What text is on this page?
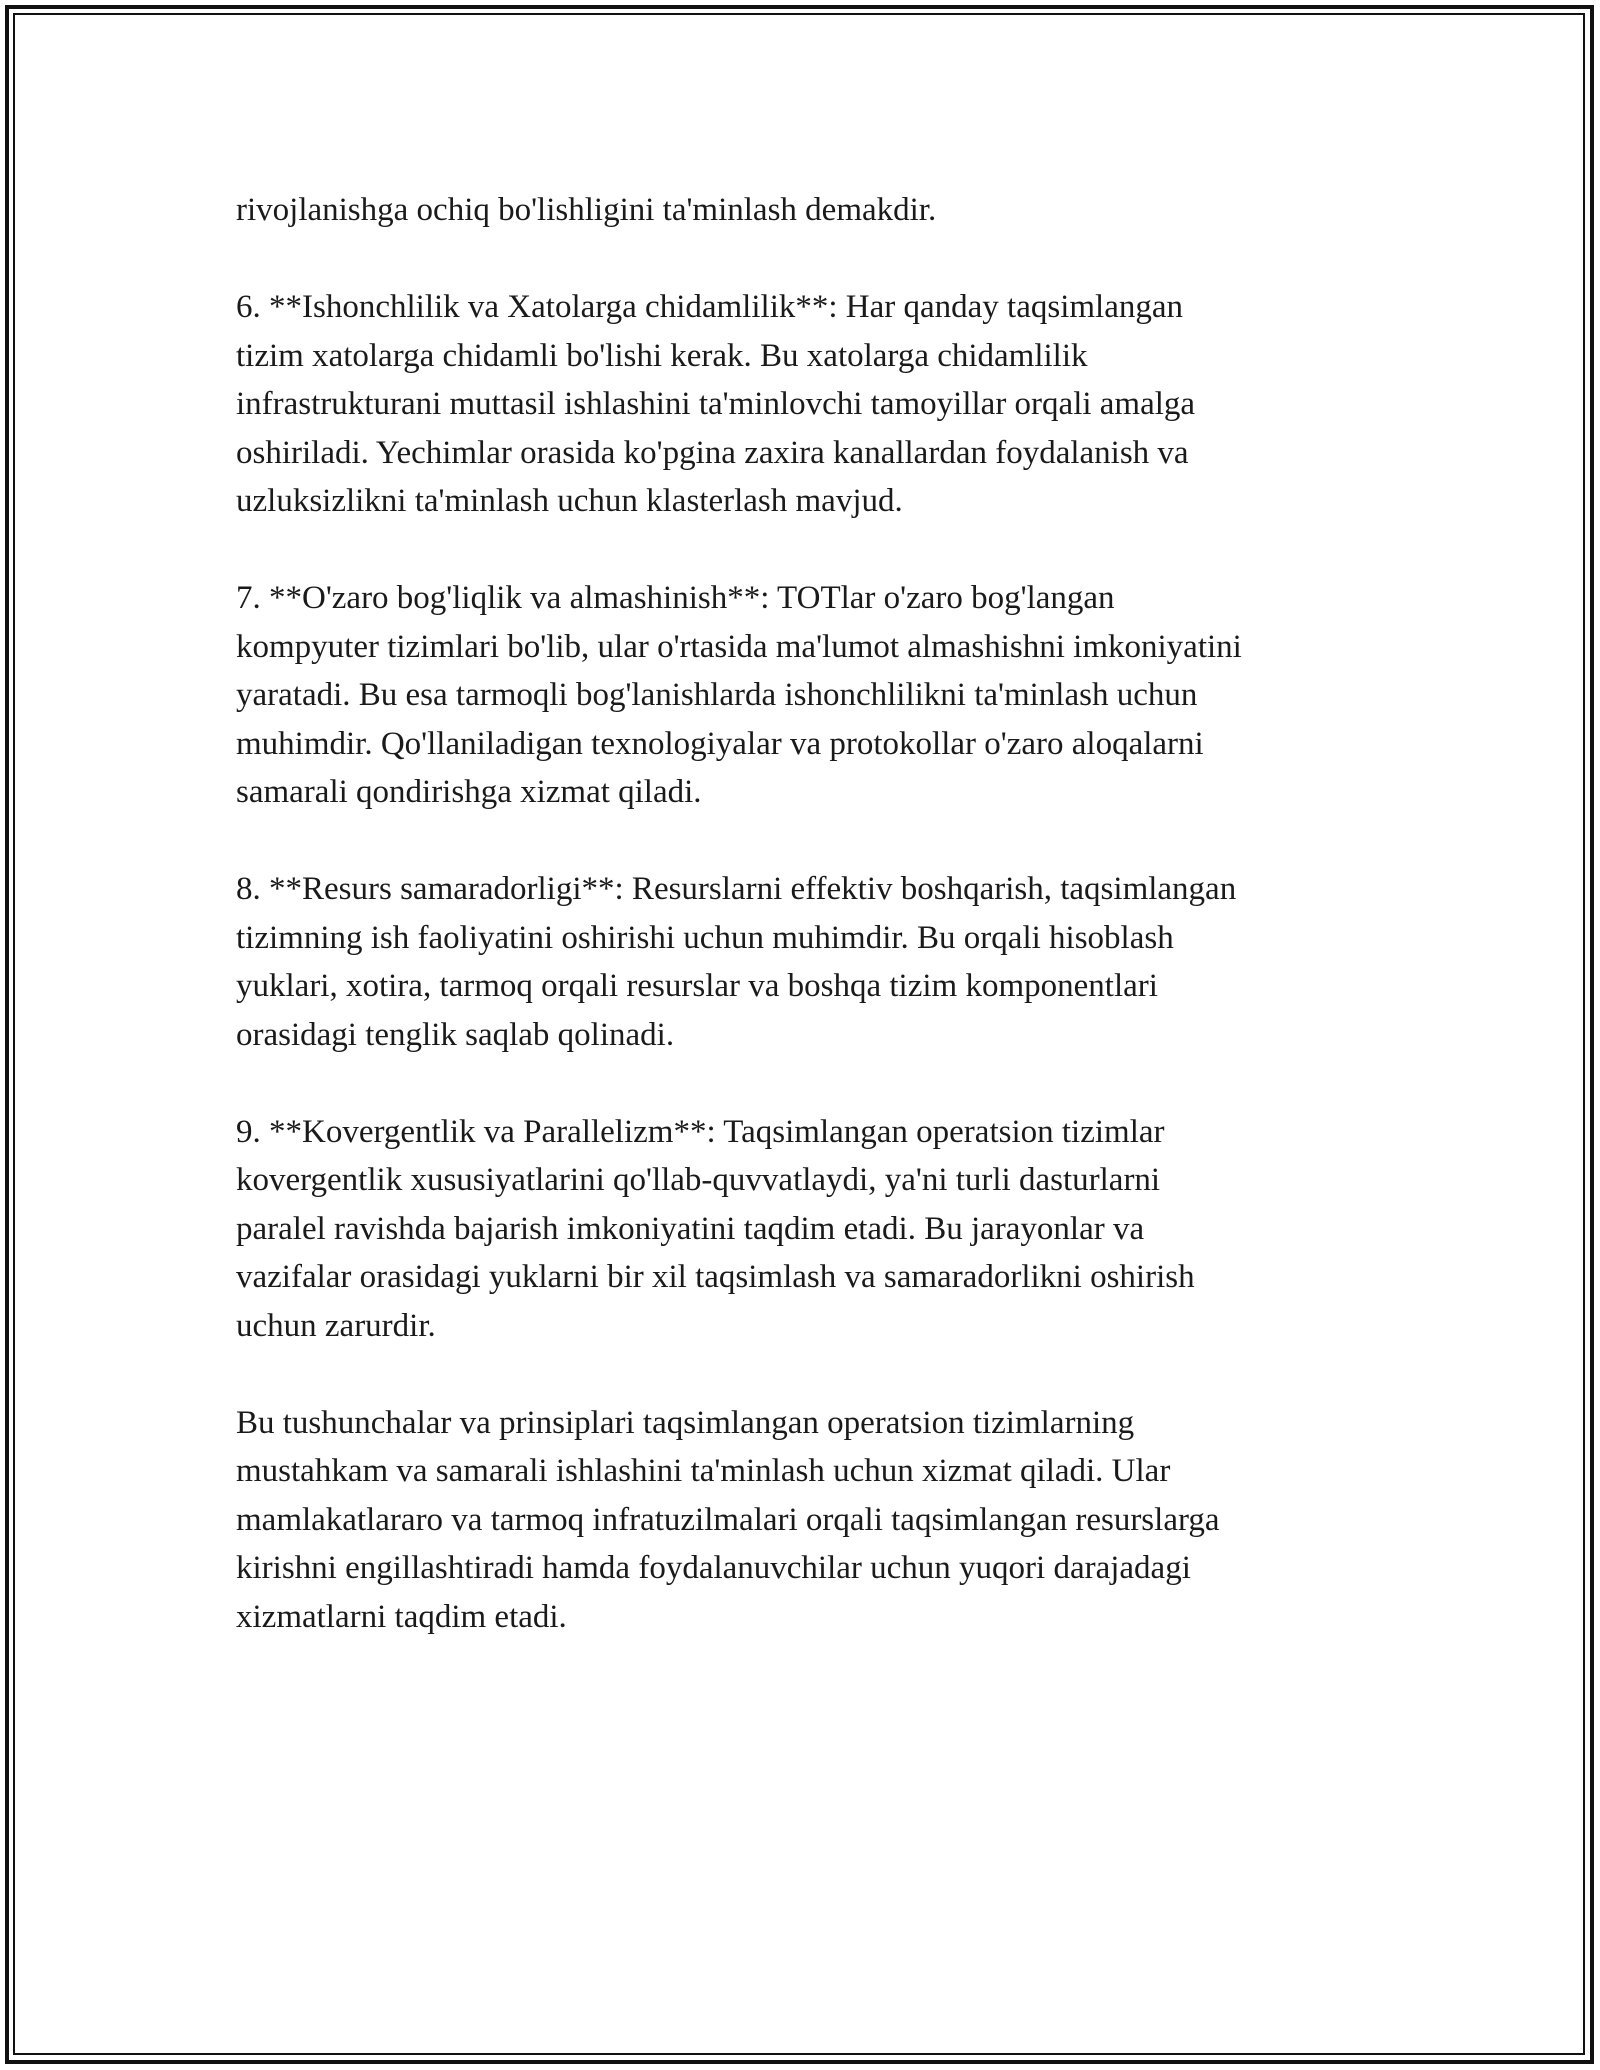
rivojlanishga ochiq bo'lishligini ta'minlash demakdir.

6. **Ishonchlilik va Xatolarga chidamlilik**: Har qanday taqsimlangan
tizim xatolarga chidamli bo'lishi kerak. Bu xatolarga chidamlilik
infrastrukturani muttasil ishlashini ta'minlovchi tamoyillar orqali amalga
oshiriladi. Yechimlar orasida ko'pgina zaxira kanallardan foydalanish va
uzluksizlikni ta'minlash uchun klasterlash mavjud.

7. **O'zaro bog'liqlik va almashinish**: TOTlar o'zaro bog'langan
kompyuter tizimlari bo'lib, ular o'rtasida ma'lumot almashishni imkoniyatini
yaratadi. Bu esa tarmoqli bog'lanishlarda ishonchlilikni ta'minlash uchun
muhimdir. Qo'llaniladigan texnologiyalar va protokollar o'zaro aloqalarni
samarali qondirishga xizmat qiladi.

8. **Resurs samaradorligi**: Resurslarni effektiv boshqarish, taqsimlangan
tizimning ish faoliyatini oshirishi uchun muhimdir. Bu orqali hisoblash
yuklari, xotira, tarmoq orqali resurslar va boshqa tizim komponentlari
orasidagi tenglik saqlab qolinadi.

9. **Kovergentlik va Parallelizm**: Taqsimlangan operatsion tizimlar
kovergentlik xususiyatlarini qo'llab-quvvatlaydi, ya'ni turli dasturlarni
paralel ravishda bajarish imkoniyatini taqdim etadi. Bu jarayonlar va
vazifalar orasidagi yuklarni bir xil taqsimlash va samaradorlikni oshirish
uchun zarurdir.

Bu tushunchalar va prinsiplari taqsimlangan operatsion tizimlarning
mustahkam va samarali ishlashini ta'minlash uchun xizmat qiladi. Ular
mamlakatlararo va tarmoq infratuzilmalari orqali taqsimlangan resurslarga
kirishni engillashtiradi hamda foydalanuvchilar uchun yuqori darajadagi
xizmatlarni taqdim etadi.
